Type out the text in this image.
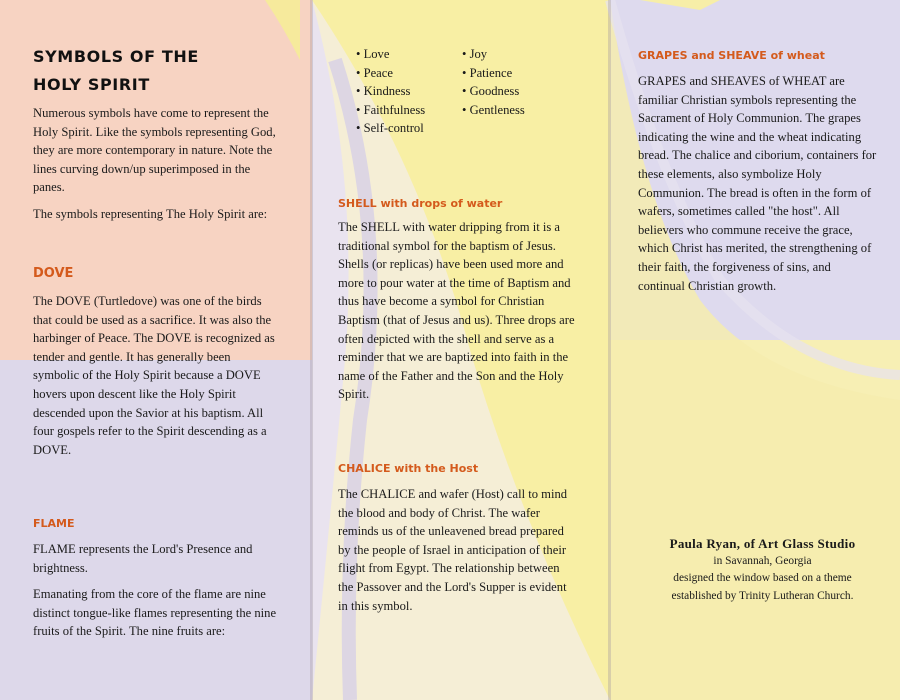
SYMBOLS OF THE
HOLY SPIRIT

Numerous symbols have come to represent the Holy Spirit. Like the symbols representing God, they are more contemporary in nature. Note the lines curving down/up superimposed in the panes.

The symbols representing The Holy Spirit are:

DOVE

The DOVE (Turtledove) was one of the birds that could be used as a sacrifice. It was also the harbinger of Peace. The DOVE is recognized as tender and gentle. It has generally been symbolic of the Holy Spirit because a DOVE hovers upon descent like the Holy Spirit descended upon the Savior at his baptism. All four gospels refer to the Spirit descending as a DOVE.

FLAME

FLAME represents the Lord's Presence and brightness.

Emanating from the core of the flame are nine distinct tongue-like flames representing the nine fruits of the Spirit. The nine fruits are:

• Love
• Peace
• Kindness
• Faithfulness
• Self-control
• Joy
• Patience
• Goodness
• Gentleness
SHELL with drops of water

The SHELL with water dripping from it is a traditional symbol for the baptism of Jesus. Shells (or replicas) have been used more and more to pour water at the time of Baptism and thus have become a symbol for Christian Baptism (that of Jesus and us). Three drops are often depicted with the shell and serve as a reminder that we are baptized into faith in the name of the Father and the Son and the Holy Spirit.

CHALICE with the Host

The CHALICE and wafer (Host) call to mind the blood and body of Christ. The wafer reminds us of the unleavened bread prepared by the people of Israel in anticipation of their flight from Egypt. The relationship between the Passover and the Lord's Supper is evident in this symbol.

GRAPES and SHEAVE of wheat

GRAPES and SHEAVES of WHEAT are familiar Christian symbols representing the Sacrament of Holy Communion. The grapes indicating the wine and the wheat indicating bread. The chalice and ciborium, containers for these elements, also symbolize Holy Communion. The bread is often in the form of wafers, sometimes called "the host". All believers who commune receive the grace, which Christ has merited, the strengthening of their faith, the forgiveness of sins, and continual Christian growth.

Paula Ryan, of Art Glass Studio
in Savannah, Georgia
designed the window based on a theme
established by Trinity Lutheran Church.
